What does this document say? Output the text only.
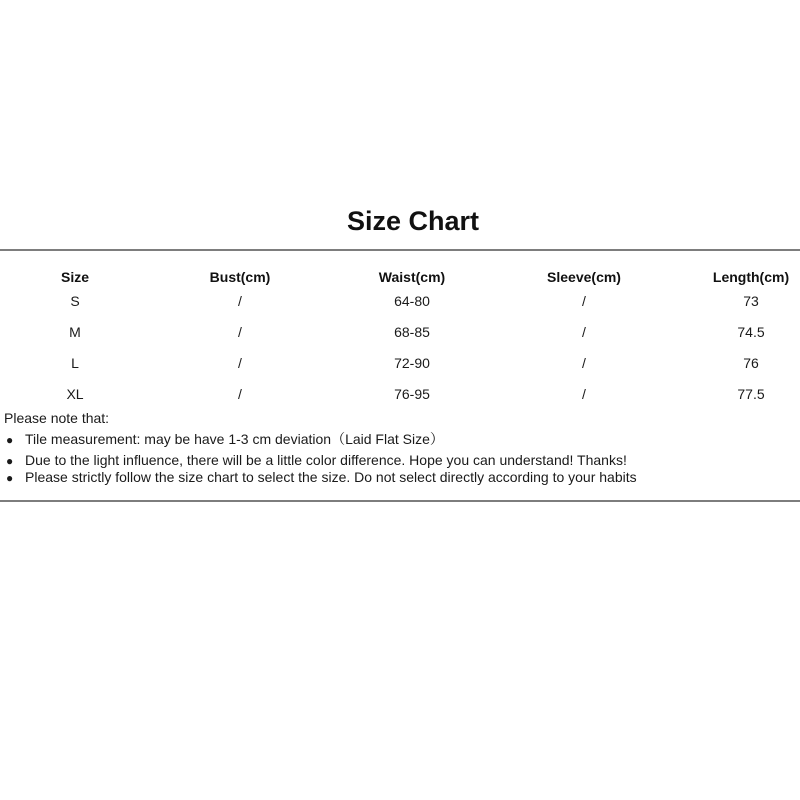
Size Chart
Size	Bust(cm)	Waist(cm)	Sleeve(cm)	Length(cm)
S	/	64-80	/	73
M	/	68-85	/	74.5
L	/	72-90	/	76
XL	/	76-95	/	77.5
Please note that:
● Tile measurement: may be have 1-3 cm deviation（Laid Flat Size）
● Due to the light influence, there will be a little color difference. Hope you can understand! Thanks!
● Please strictly follow the size chart to select the size. Do not select directly according to your habits
